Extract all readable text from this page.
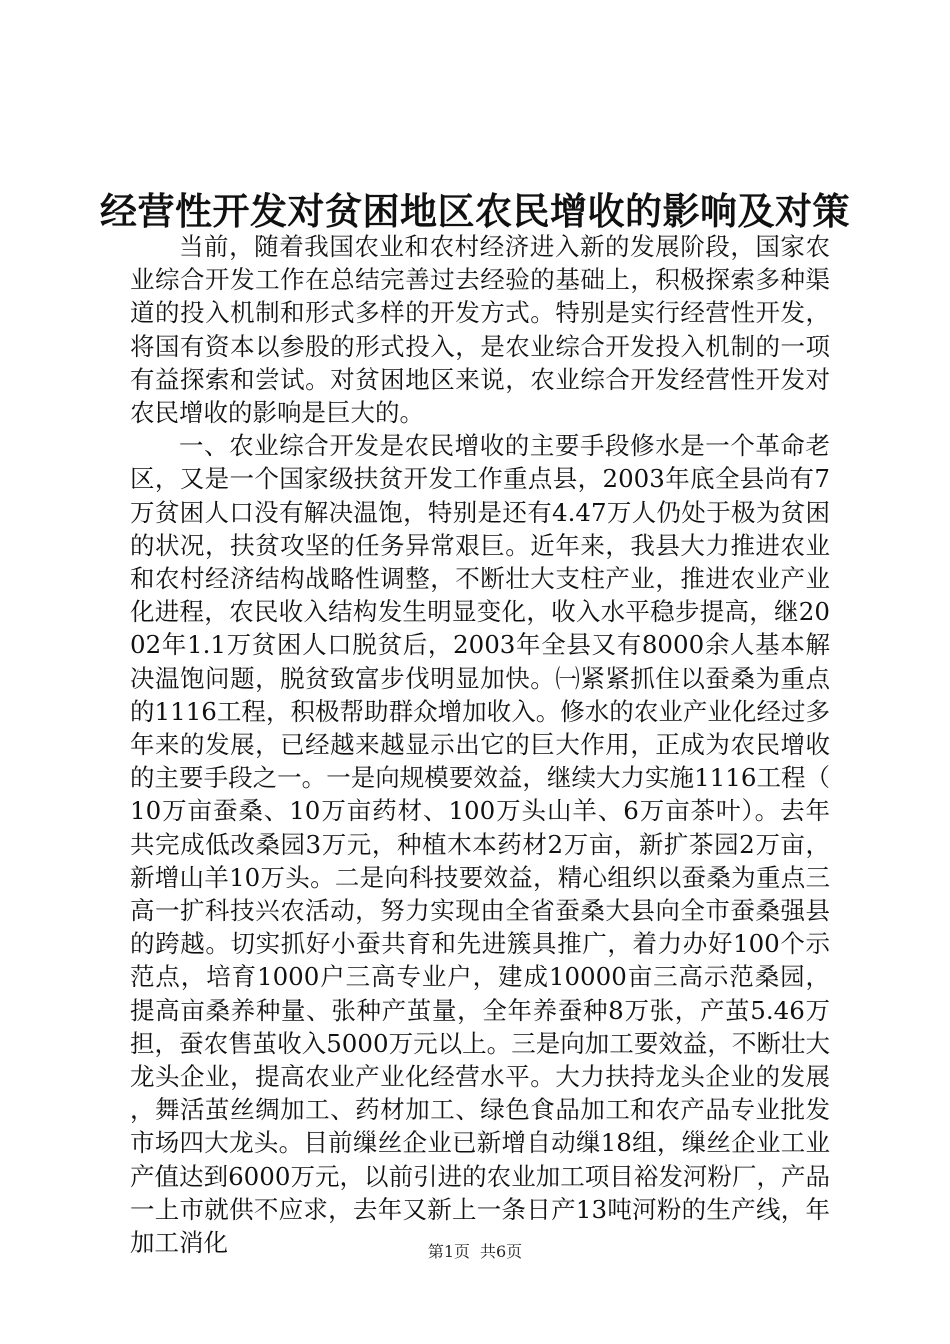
经营性开发对贫困地区农民增收的影响及对策

当前，随着我国农业和农村经济进入新的发展阶段，国家农业综合开发工作在总结完善过去经验的基础上，积极探索多种渠道的投入机制和形式多样的开发方式。特别是实行经营性开发，将国有资本以参股的形式投入，是农业综合开发投入机制的一项有益探索和尝试。对贫困地区来说，农业综合开发经营性开发对农民增收的影响是巨大的。

一、农业综合开发是农民增收的主要手段修水是一个革命老区，又是一个国家级扶贫开发工作重点县，2003年底全县尚有7万贫困人口没有解决温饱，特别是还有4.47万人仍处于极为贫困的状况，扶贫攻坚的任务异常艰巨。近年来，我县大力推进农业和农村经济结构战略性调整，不断壮大支柱产业，推进农业产业化进程，农民收入结构发生明显变化，收入水平稳步提高，继2002年1.1万贫困人口脱贫后，2003年全县又有8000余人基本解决温饱问题，脱贫致富步伐明显加快。㈠紧紧抓住以蚕桑为重点的1116工程，积极帮助群众增加收入。修水的农业产业化经过多年来的发展，已经越来越显示出它的巨大作用，正成为农民增收的主要手段之一。一是向规模要效益，继续大力实施1116工程（10万亩蚕桑、10万亩药材、100万头山羊、6万亩茶叶）。去年共完成低改桑园3万元，种植木本药材2万亩，新扩茶园2万亩，新增山羊10万头。二是向科技要效益，精心组织以蚕桑为重点三高一扩科技兴农活动，努力实现由全省蚕桑大县向全市蚕桑强县的跨越。切实抓好小蚕共育和先进簇具推广，着力办好100个示范点，培育1000户三高专业户，建成10000亩三高示范桑园，提高亩桑养种量、张种产茧量，全年养蚕种8万张，产茧5.46万担，蚕农售茧收入5000万元以上。三是向加工要效益，不断壮大龙头企业，提高农业产业化经营水平。大力扶持龙头企业的发展，舞活茧丝绸加工、药材加工、绿色食品加工和农产品专业批发市场四大龙头。目前缫丝企业已新增自动缫18组，缫丝企业工业产值达到6000万元，以前引进的农业加工项目裕发河粉厂，产品一上市就供不应求，去年又新上一条日产13吨河粉的生产线，年加工消化	第1页 共6页
